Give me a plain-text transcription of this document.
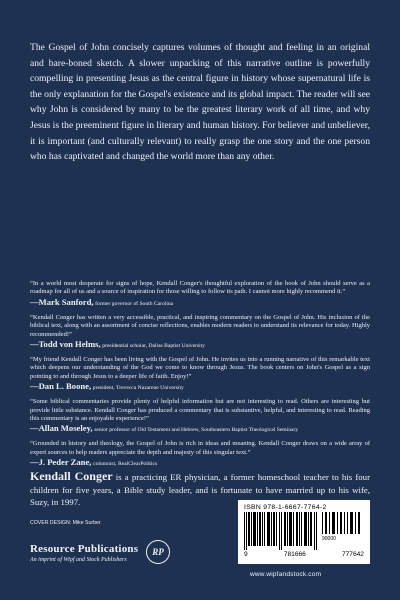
The Gospel of John concisely captures volumes of thought and feeling in an original and bare-boned sketch. A slower unpacking of this narrative outline is powerfully compelling in presenting Jesus as the central figure in history whose supernatural life is the only explanation for the Gospel's existence and its global impact. The reader will see why John is considered by many to be the greatest literary work of all time, and why Jesus is the preeminent figure in literary and human history. For believer and unbeliever, it is important (and culturally relevant) to really grasp the one story and the one person who has captivated and changed the world more than any other.

“In a world most desperate for signs of hope, Kendall Conger's thoughtful exploration of the book of John should serve as a roadmap for all of us and a source of inspiration for those willing to follow its path. I cannot more highly recommend it.”

—Mark Sanford, former governor of South Carolina

“Kendall Conger has written a very accessible, practical, and inspiring commentary on the Gospel of John. His inclusion of the biblical text, along with an assortment of concise reflections, enables modern readers to understand its relevance for today. Highly recommended!”

—Todd von Helms, presidential scholar, Dallas Baptist University

“My friend Kendall Conger has been living with the Gospel of John. He invites us into a running narrative of this remarkable text which deepens our understanding of the God we come to know through Jesus. The book centers on John's Gospel as a sign pointing to and through Jesus to a deeper life of faith. Enjoy!”

—Dan L. Boone, president, Trevecca Nazarene University

“Some biblical commentaries provide plenty of helpful information but are not interesting to read. Others are interesting but provide little substance. Kendall Conger has produced a commentary that is substantive, helpful, and interesting to read. Reading this commentary is an enjoyable experience!”

—Allan Moseley, senior professor of Old Testament and Hebrew, Southeastern Baptist Theological Seminary

“Grounded in history and theology, the Gospel of John is rich in ideas and meaning. Kendall Conger draws on a wide array of expert sources to help readers appreciate the depth and majesty of this singular text.”

—J. Peder Zane, columnist, RealClearPolitics

Kendall Conger is a practicing ER physician, a former homeschool teacher to his four children for five years, a Bible study leader, and is fortunate to have married up to his wife, Suzy, in 1997.

COVER DESIGN: Mike Surber
Resource Publications
An imprint of Wipf and Stock Publishers
RP
ISBN 978-1-6667-7764-2
90000
9	781666	777642
www.wipfandstock.com
